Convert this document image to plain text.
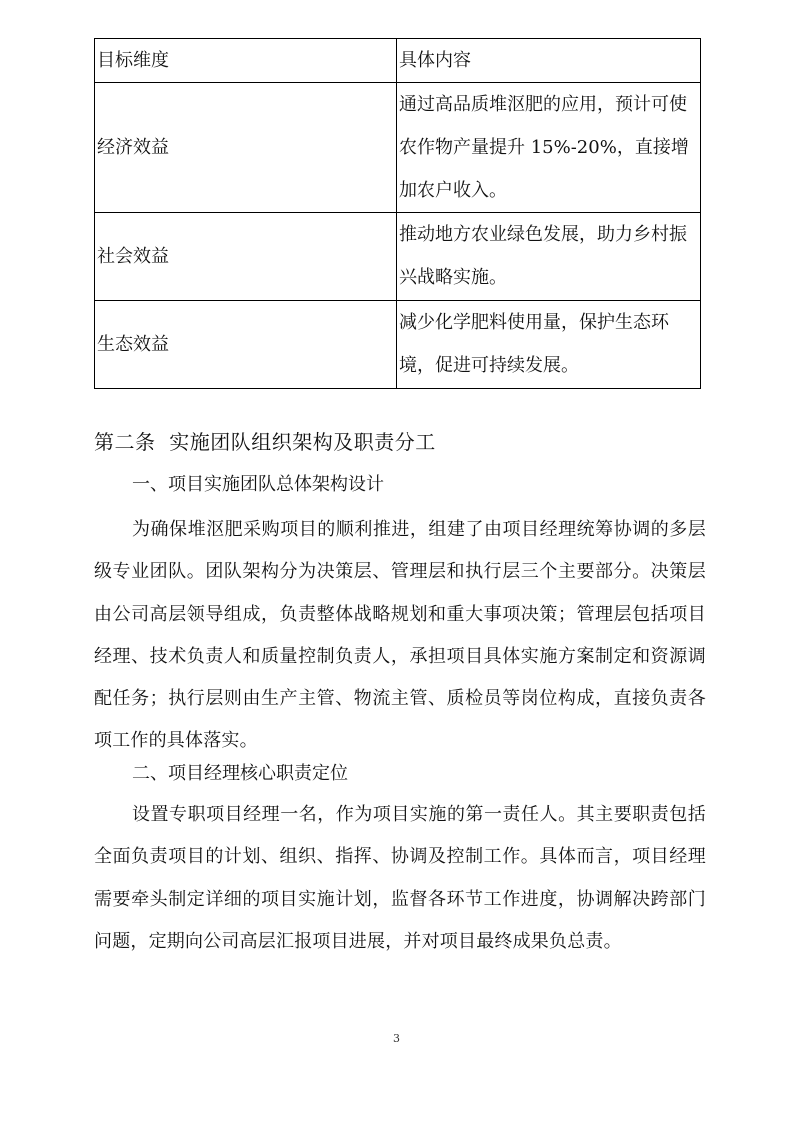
目标维度	具体内容
经济效益	通过高品质堆沤肥的应用，预计可使农作物产量提升 15%-20%，直接增加农户收入。
社会效益	推动地方农业绿色发展，助力乡村振兴战略实施。
生态效益	减少化学肥料使用量，保护生态环境，促进可持续发展。
第二条  实施团队组织架构及职责分工
一、项目实施团队总体架构设计
为确保堆沤肥采购项目的顺利推进，组建了由项目经理统筹协调的多层级专业团队。团队架构分为决策层、管理层和执行层三个主要部分。决策层由公司高层领导组成，负责整体战略规划和重大事项决策；管理层包括项目经理、技术负责人和质量控制负责人，承担项目具体实施方案制定和资源调配任务；执行层则由生产主管、物流主管、质检员等岗位构成，直接负责各项工作的具体落实。
二、项目经理核心职责定位
设置专职项目经理一名，作为项目实施的第一责任人。其主要职责包括全面负责项目的计划、组织、指挥、协调及控制工作。具体而言，项目经理需要牵头制定详细的项目实施计划，监督各环节工作进度，协调解决跨部门问题，定期向公司高层汇报项目进展，并对项目最终成果负总责。
3
